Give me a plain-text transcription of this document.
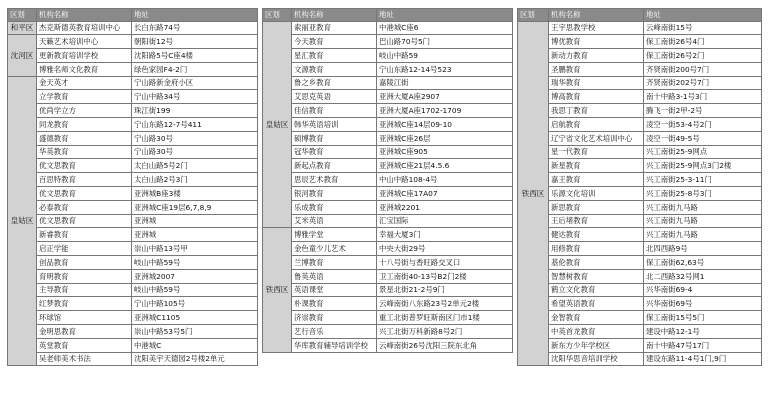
区划	机构名称	地址
和平区	杰克斯德英教育培训中心	长白东路74号
沈河区	天籁艺术培训中心	朝阳街12号
	更新教育培训学校	沈阳路5号C座4楼
	博雅名师文化教育	绿色家园F4-2门
皇姑区	金天英才	宁山路新金府小区
	立学教育	宁山中路34号
	优尚学立方	珠江街199
	同龙教育	宁山东路12-7号411
	盛德教育	宁山路30号
	华英教育	宁山路30号
	优文思教育	太白山路5号2门
	百思特教育	太白山路2号3门
	优文思教育	亚洲城B座3楼
	必泰教育	亚洲城C座19层6,7,8,9
	优文思教育	亚洲城
	新睿教育	亚洲城
	启正学能	崇山中路13号甲
	创品教育	岐山中路59号
	育明教育	亚洲城2007
	主导教育	岐山中路59号
	红梦教育	宁山中路105号
	环球馆	亚洲城C1105
	金明思教育	崇山中路53号5门
	英堂教育	中港城C
	吴老师美术书法	沈阳美宇天德园2号楼2单元
区划	机构名称	地址
皇姑区	索丽亚教育	中港城C座6
	今天教育	巴山路70号5门
	星汇教育	岐山中路59
	文源教育	宁山东路12-14号523
	鲁之乡教育	嘉陵江街
	艾思克英语	亚洲大厦A座2907
	佳信教育	亚洲大厦A座1702-1709
	韩华英语培训	亚洲城C座14层09-10
	硕博教育	亚洲城C座26层
	冠华教育	亚洲城C座905
	新起点教育	亚洲城C座21层4.5.6
	思辰艺术教育	中山中路108-4号
	银河教育	亚洲城C座17A07
	乐成教育	亚洲城2201
	艾米英语	汇宝国际
铁西区	博雅学堂	幸福大厦3门
	金色童少儿艺术	中央大街29号
	兰博教育	十八号街与香旺路交叉口
	鲁英英语	卫工南街40-13号B2门2楼
	英语课堂	景星北街21-2号9门
	朴课教育	云峰南街八东路23号2单元2楼
	济崇教育	重工北街普罗旺斯南区门市1楼
	艺行音乐	兴工北街万科新路8号2门
	华库教育辅导培训学校	云峰南街26号沈阳三院东北角
区划	机构名称	地址
铁西区	王宇思教学校	云峰南街15号
	博优教育	保工南街26号4门
	新动力教育	保工南街26号2门
	圣鹏教育	齐贤南街200号7门
	瑞华教育	齐贤南街202号7门
	博高教育	南十中路3-1号3门
	我思丁教育	腾飞一街2甲-2号
	启航教育	凌空一街53-4号2门
	辽宁省文化艺术培训中心	凌空一街49-5号
	星一代教育	兴工南街25-9网点
	新星教育	兴工南街25-9网点3门2楼
	嘉王教育	兴工南街25-3-11门
	乐源文化培训	兴工南街25-8号3门
	新思教育	兴工南街九马路
	王后堵教育	兴工南街九马路
	健达教育	兴工南街九马路
	用修教育	北四西路9号
	基伦教育	保工南街62,63号
	智慧树教育	北二西路32号网1
	鹤立文化教育	兴华南街69-4
	希望英语教育	兴华南街69号
	金智教育	保工南街15号5门
	中英首龙教育	建设中路12-1号
	新东方少年学校区	南十中路47号17门
	沈阳华思音培训学校	建设东路11-4号1门,9门
